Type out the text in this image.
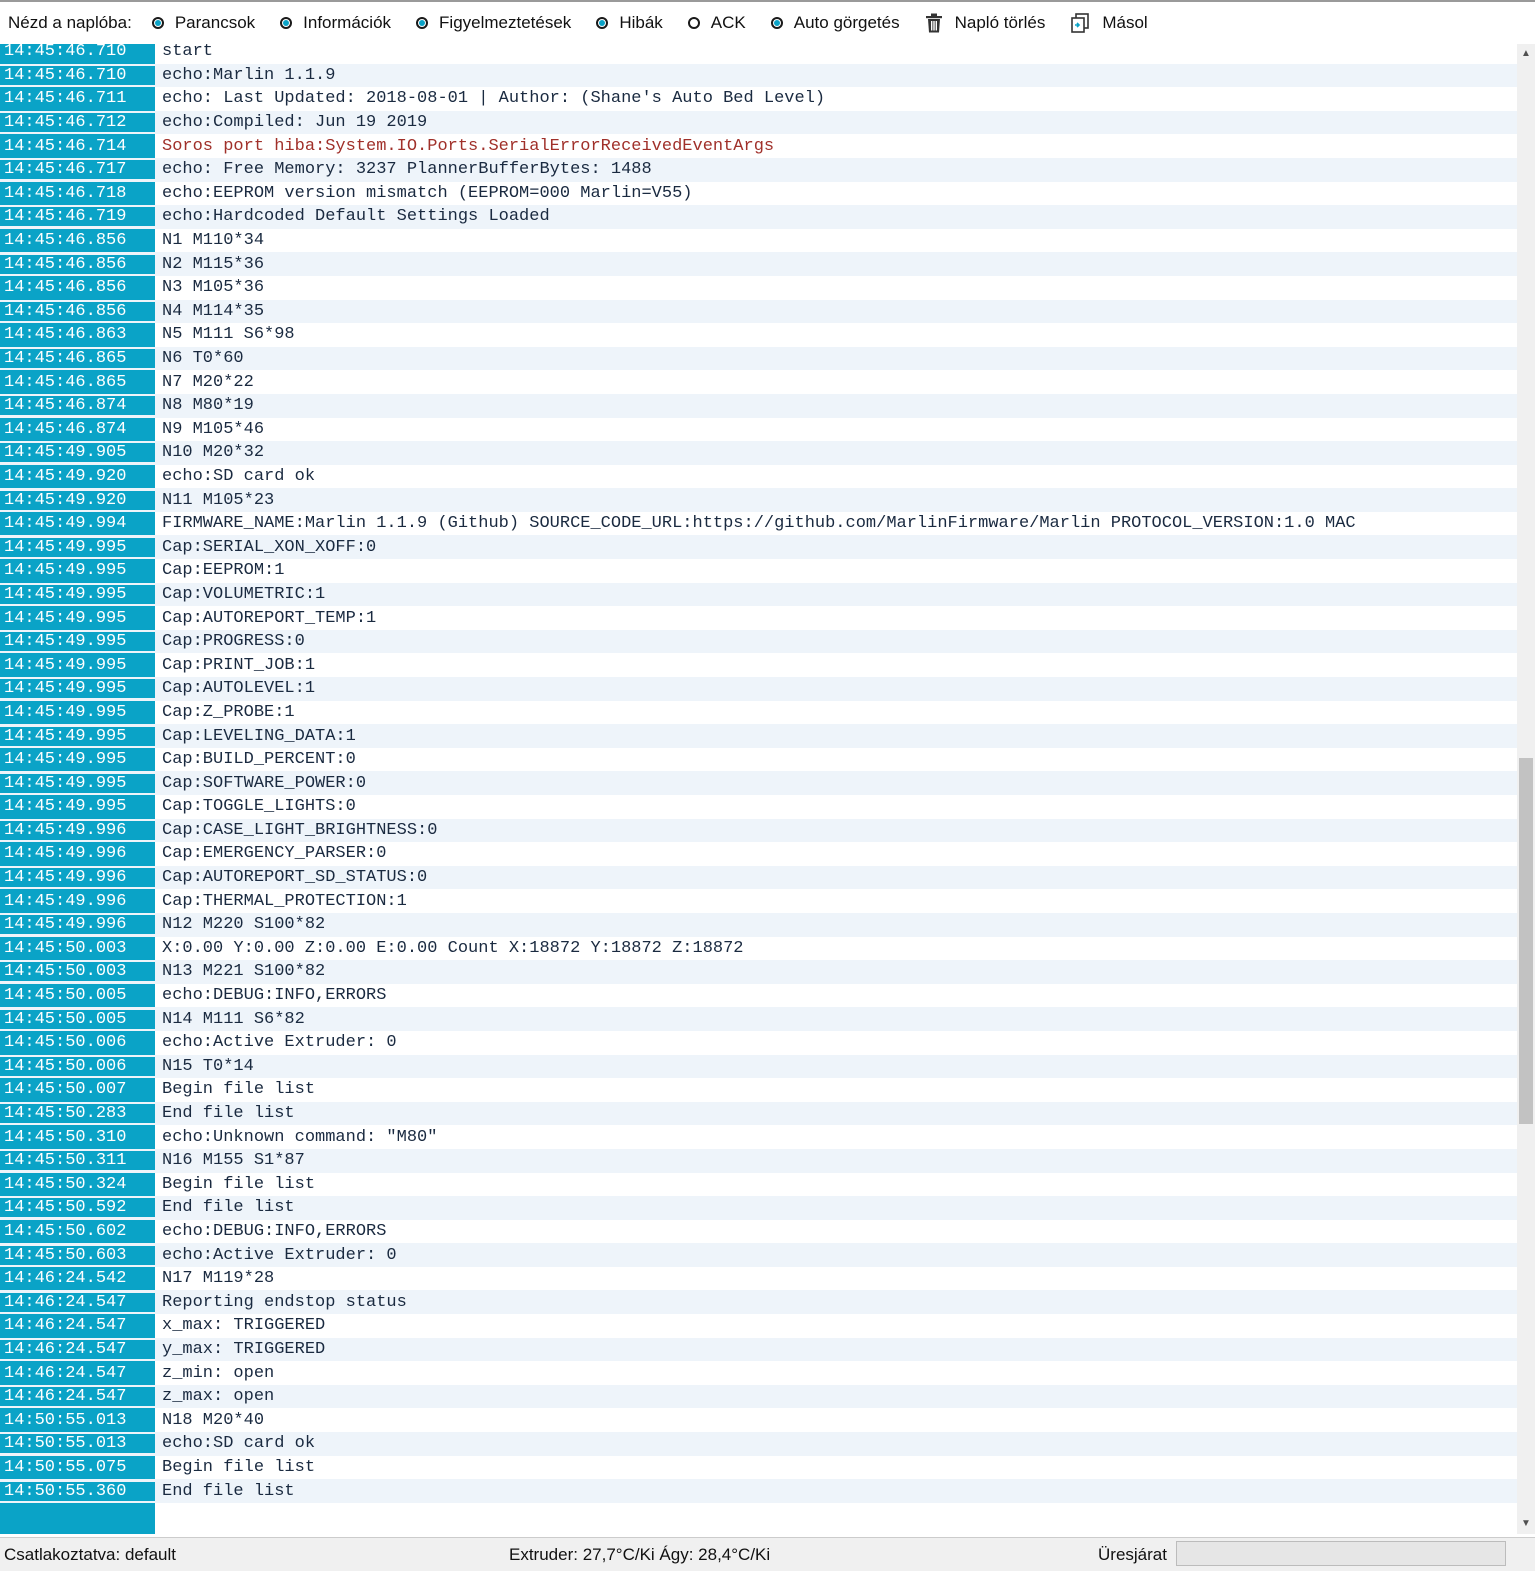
Nézd a naplóba:	Parancsok	Információk	Figyelmeztetések	Hibák	ACK	Auto görgetés	Napló törlés	Másol
14:45:46.710	start
14:45:46.710	echo:Marlin 1.1.9
14:45:46.711	echo: Last Updated: 2018-08-01 | Author: (Shane's Auto Bed Level)
14:45:46.712	echo:Compiled: Jun 19 2019
14:45:46.714	Soros port hiba:System.IO.Ports.SerialErrorReceivedEventArgs
14:45:46.717	echo: Free Memory: 3237 PlannerBufferBytes: 1488
14:45:46.718	echo:EEPROM version mismatch (EEPROM=000 Marlin=V55)
14:45:46.719	echo:Hardcoded Default Settings Loaded
14:45:46.856	N1 M110*34
14:45:46.856	N2 M115*36
14:45:46.856	N3 M105*36
14:45:46.856	N4 M114*35
14:45:46.863	N5 M111 S6*98
14:45:46.865	N6 T0*60
14:45:46.865	N7 M20*22
14:45:46.874	N8 M80*19
14:45:46.874	N9 M105*46
14:45:49.905	N10 M20*32
14:45:49.920	echo:SD card ok
14:45:49.920	N11 M105*23
14:45:49.994	FIRMWARE_NAME:Marlin 1.1.9 (Github) SOURCE_CODE_URL:https://github.com/MarlinFirmware/Marlin PROTOCOL_VERSION:1.0 MAC
14:45:49.995	Cap:SERIAL_XON_XOFF:0
14:45:49.995	Cap:EEPROM:1
14:45:49.995	Cap:VOLUMETRIC:1
14:45:49.995	Cap:AUTOREPORT_TEMP:1
14:45:49.995	Cap:PROGRESS:0
14:45:49.995	Cap:PRINT_JOB:1
14:45:49.995	Cap:AUTOLEVEL:1
14:45:49.995	Cap:Z_PROBE:1
14:45:49.995	Cap:LEVELING_DATA:1
14:45:49.995	Cap:BUILD_PERCENT:0
14:45:49.995	Cap:SOFTWARE_POWER:0
14:45:49.995	Cap:TOGGLE_LIGHTS:0
14:45:49.996	Cap:CASE_LIGHT_BRIGHTNESS:0
14:45:49.996	Cap:EMERGENCY_PARSER:0
14:45:49.996	Cap:AUTOREPORT_SD_STATUS:0
14:45:49.996	Cap:THERMAL_PROTECTION:1
14:45:49.996	N12 M220 S100*82
14:45:50.003	X:0.00 Y:0.00 Z:0.00 E:0.00 Count X:18872 Y:18872 Z:18872
14:45:50.003	N13 M221 S100*82
14:45:50.005	echo:DEBUG:INFO,ERRORS
14:45:50.005	N14 M111 S6*82
14:45:50.006	echo:Active Extruder: 0
14:45:50.006	N15 T0*14
14:45:50.007	Begin file list
14:45:50.283	End file list
14:45:50.310	echo:Unknown command: "M80"
14:45:50.311	N16 M155 S1*87
14:45:50.324	Begin file list
14:45:50.592	End file list
14:45:50.602	echo:DEBUG:INFO,ERRORS
14:45:50.603	echo:Active Extruder: 0
14:46:24.542	N17 M119*28
14:46:24.547	Reporting endstop status
14:46:24.547	x_max: TRIGGERED
14:46:24.547	y_max: TRIGGERED
14:46:24.547	z_min: open
14:46:24.547	z_max: open
14:50:55.013	N18 M20*40
14:50:55.013	echo:SD card ok
14:50:55.075	Begin file list
14:50:55.360	End file list
▲
▼
Csatlakoztatva: default	Extruder: 27,7°C/Ki Ágy: 28,4°C/Ki	Üresjárat
